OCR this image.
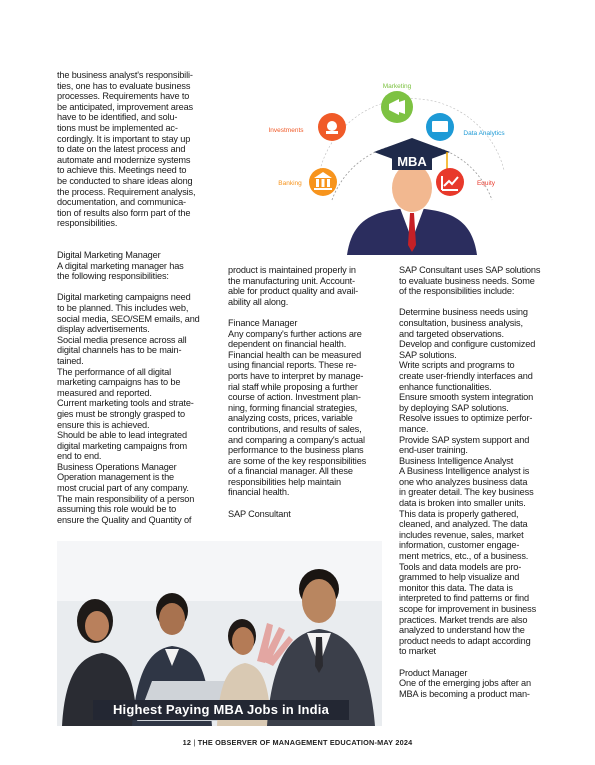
the business analyst's responsibili-
ties, one has to evaluate business
processes. Requirements have to
be anticipated, improvement areas
have to be identified, and solu-
tions must be implemented ac-
cordingly. It is important to stay up
to date on the latest process and
automate and modernize systems
to achieve this. Meetings need to
be conducted to share ideas along
the process. Requirement analysis,
documentation, and communica-
tion of results also form part of the
responsibilities.

Digital Marketing Manager
A digital marketing manager has
the following responsibilities:

Digital marketing campaigns need
to be planned. This includes web,
social media, SEO/SEM emails, and
display advertisements.
Social media presence across all
digital channels has to be main-
tained.
The performance of all digital
marketing campaigns has to be
measured and reported.
Current marketing tools and strate-
gies must be strongly grasped to
ensure this is achieved.
Should be able to lead integrated
digital marketing campaigns from
end to end.
Business Operations Manager
Operation management is the
most crucial part of any company.
The main responsibility of a person
assuming this role would be to
ensure the Quality and Quantity of

product is maintained properly in
the manufacturing unit. Account-
able for product quality and avail-
ability all along.

Finance Manager
Any company's further actions are
dependent on financial health.
Financial health can be measured
using financial reports. These re-
ports have to interpret by manage-
rial staff while proposing a further
course of action. Investment plan-
ning, forming financial strategies,
analyzing costs, prices, variable
contributions, and results of sales,
and comparing a company's actual
performance to the business plans
are some of the key responsibilities
of a financial manager. All these
responsibilities help maintain
financial health.

SAP Consultant

SAP Consultant uses SAP solutions
to evaluate business needs. Some
of the responsibilities include:

Determine business needs using
consultation, business analysis,
and targeted observations.
Develop and configure customized
SAP solutions.
Write scripts and programs to
create user-friendly interfaces and
enhance functionalities.
Ensure smooth system integration
by deploying SAP solutions.
Resolve issues to optimize perfor-
mance.
Provide SAP system support and
end-user training.
Business Intelligence Analyst
A Business Intelligence analyst is
one who analyzes business data
in greater detail. The key business
data is broken into smaller units.
This data is properly gathered,
cleaned, and analyzed. The data
includes revenue, sales, market
information, customer engage-
ment metrics, etc., of a business.
Tools and data models are pro-
grammed to help visualize and
monitor this data. The data is
interpreted to find patterns or find
scope for improvement in business
practices. Market trends are also
analyzed to understand how the
product needs to adapt according
to market

Product Manager
One of the emerging jobs after an
MBA is becoming a product man-

MBA
Marketing
Investments	Data Analytics
Banking	Equity
Highest Paying MBA Jobs in India
12 | THE OBSERVER OF MANAGEMENT EDUCATION-MAY 2024
